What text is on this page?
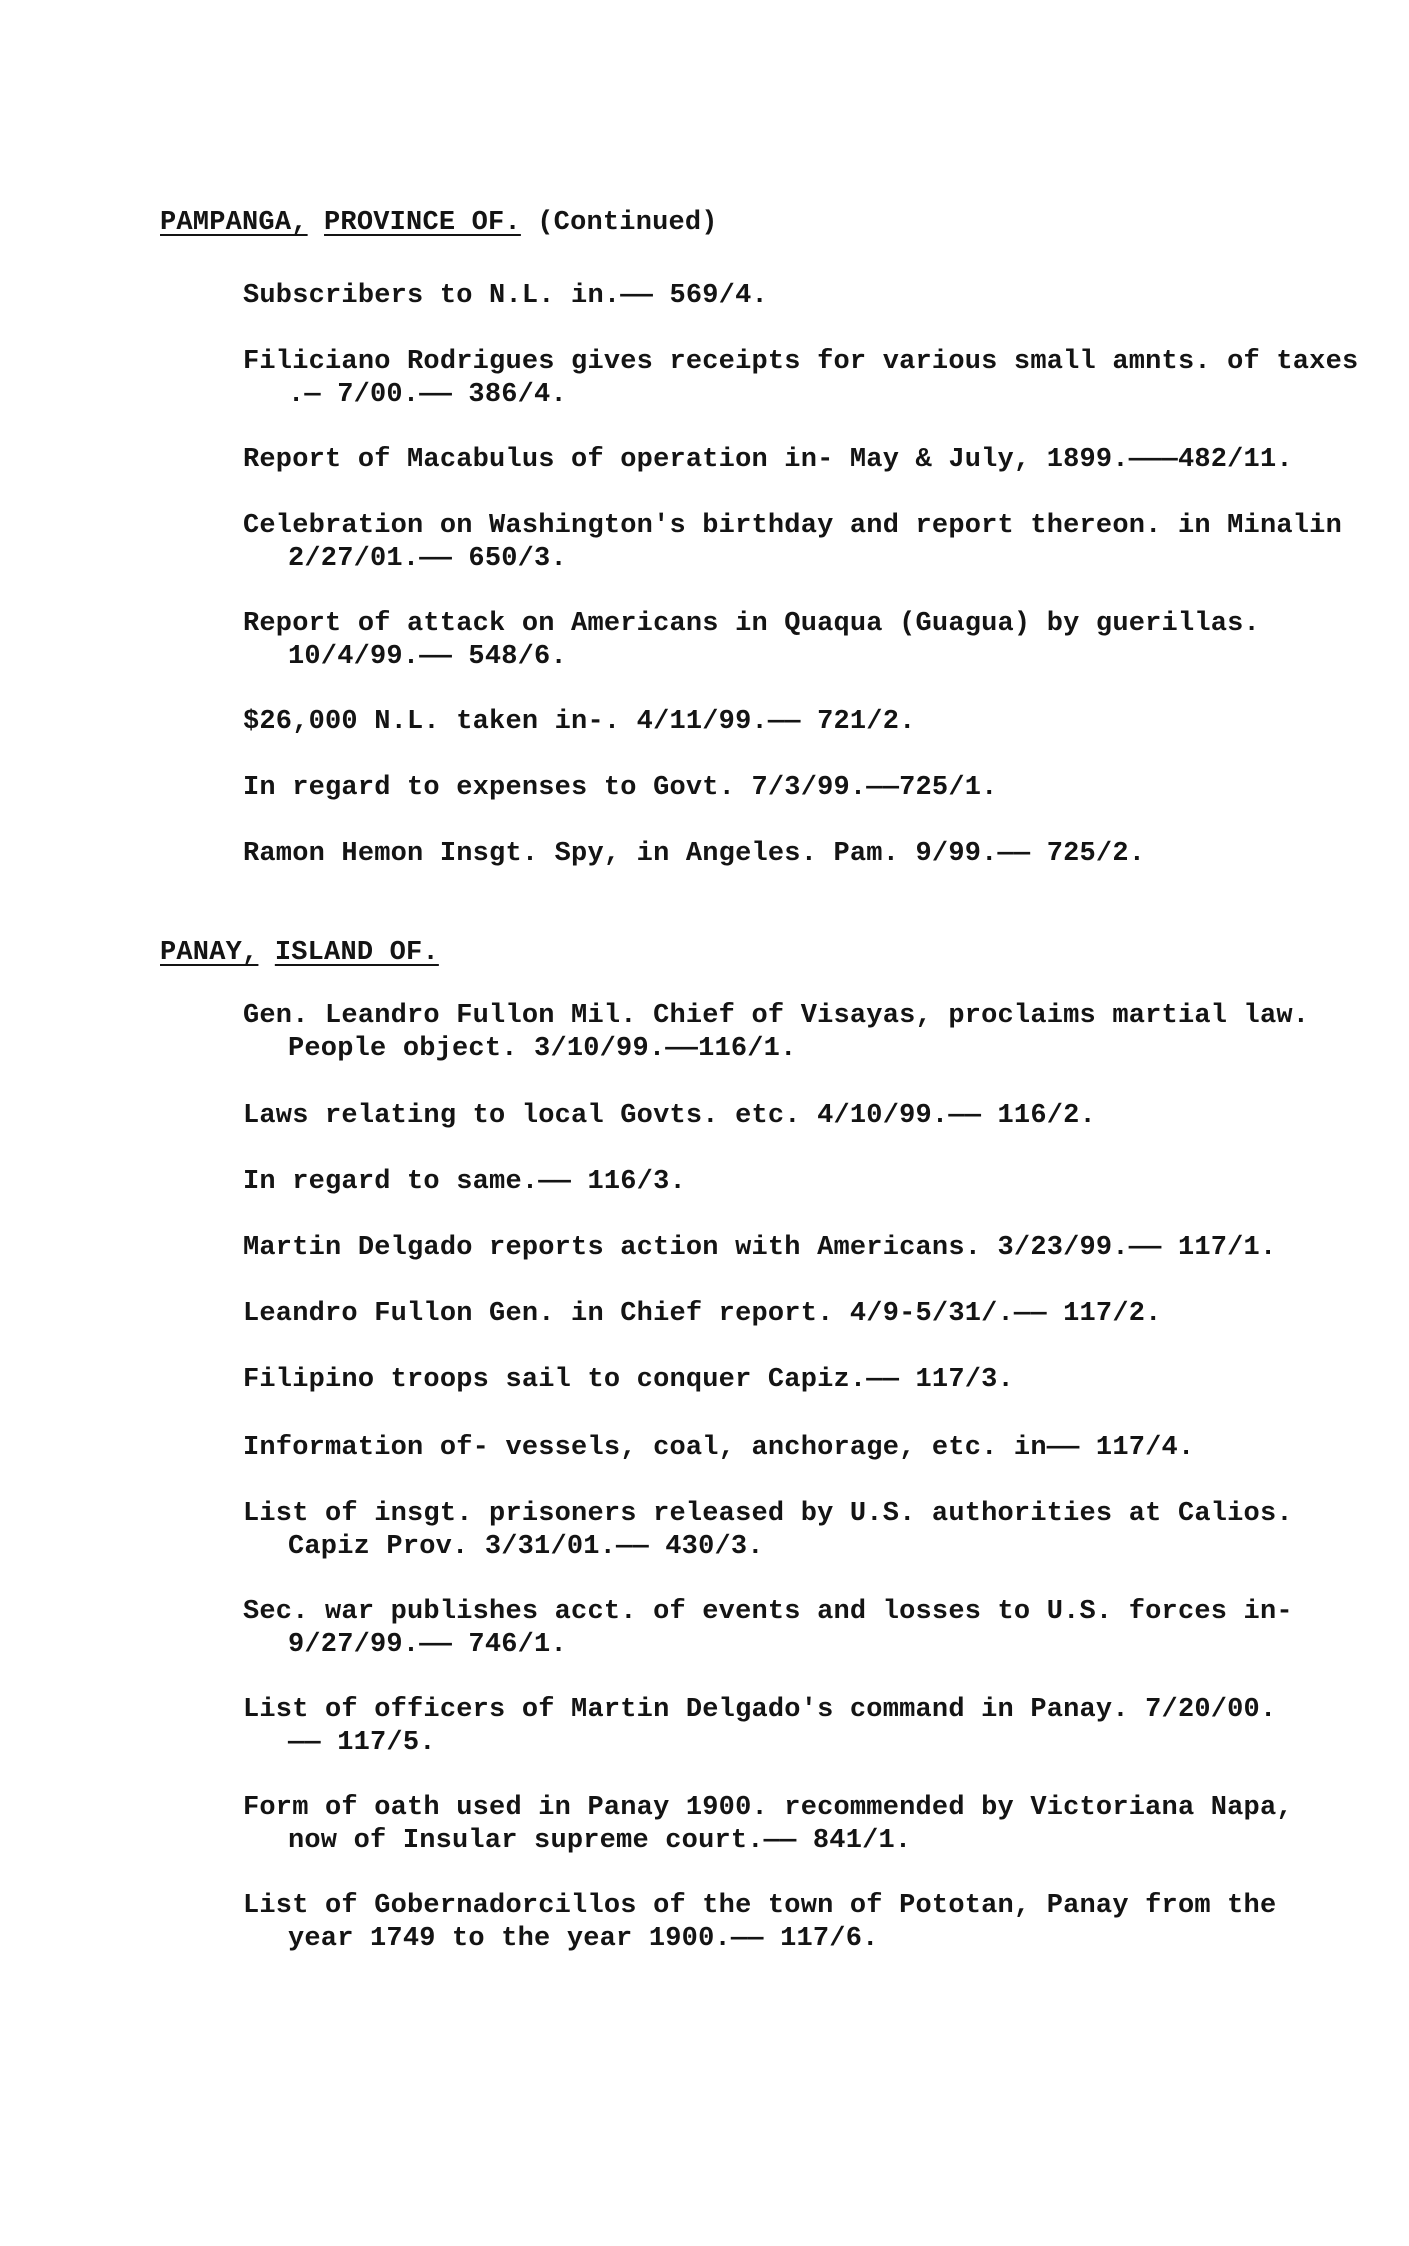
PAMPANGA, PROVINCE OF. (Continued)
Subscribers to N.L. in.—— 569/4.
Filiciano Rodrigues gives receipts for various small amnts. of taxes
.— 7/00.—— 386/4.
Report of Macabulus of operation in- May & July, 1899.———482/11.
Celebration on Washington's birthday and report thereon. in Minalin
2/27/01.—— 650/3.
Report of attack on Americans in Quaqua (Guagua) by guerillas.
10/4/99.—— 548/6.
$26,000 N.L. taken in-. 4/11/99.—— 721/2.
In regard to expenses to Govt. 7/3/99.——725/1.
Ramon Hemon Insgt. Spy, in Angeles. Pam. 9/99.—— 725/2.
PANAY, ISLAND OF.
Gen. Leandro Fullon Mil. Chief of Visayas, proclaims martial law.
People object. 3/10/99.——116/1.
Laws relating to local Govts. etc. 4/10/99.—— 116/2.
In regard to same.—— 116/3.
Martin Delgado reports action with Americans. 3/23/99.—— 117/1.
Leandro Fullon Gen. in Chief report. 4/9-5/31/.—— 117/2.
Filipino troops sail to conquer Capiz.—— 117/3.
Information of- vessels, coal, anchorage, etc. in—— 117/4.
List of insgt. prisoners released by U.S. authorities at Calios.
Capiz Prov. 3/31/01.—— 430/3.
Sec. war publishes acct. of events and losses to U.S. forces in-
9/27/99.—— 746/1.
List of officers of Martin Delgado's command in Panay. 7/20/00.
—— 117/5.
Form of oath used in Panay 1900. recommended by Victoriana Napa,
now of Insular supreme court.—— 841/1.
List of Gobernadorcillos of the town of Pototan, Panay from the
year 1749 to the year 1900.—— 117/6.
